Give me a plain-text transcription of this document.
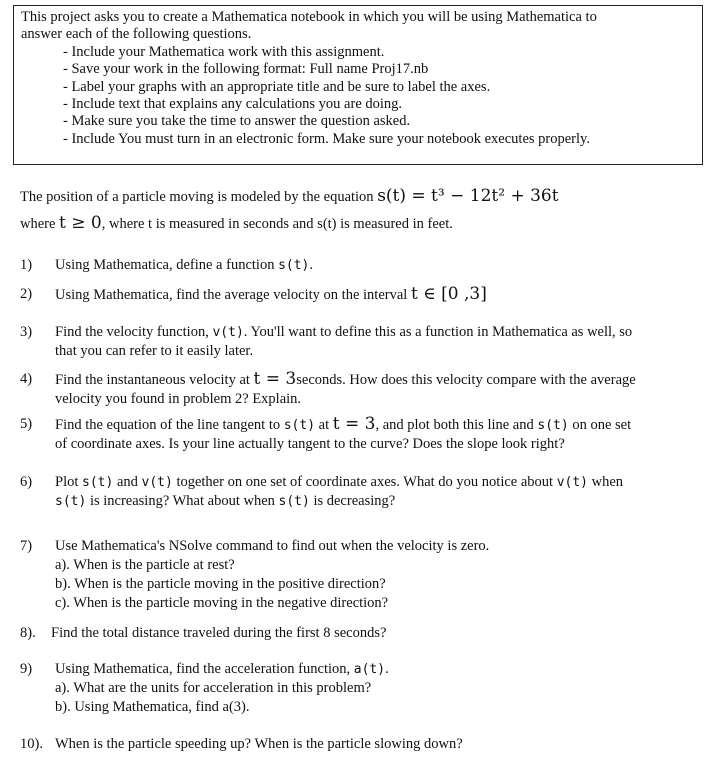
This project asks you to create a Mathematica notebook in which you will be using Mathematica to
answer each of the following questions.
- Include your Mathematica work with this assignment.
- Save your work in the following format: Full name Proj17.nb
- Label your graphs with an appropriate title and be sure to label the axes.
- Include text that explains any calculations you are doing.
- Make sure you take the time to answer the question asked.
- Include You must turn in an electronic form. Make sure your notebook executes properly.
The position of a particle moving is modeled by the equation s(t) = t³ − 12t² + 36t
where t ≥ 0, where t is measured in seconds and s(t) is measured in feet.
1) Using Mathematica, define a function s(t).
2) Using Mathematica, find the average velocity on the interval t ∈ [0 ,3]
3) Find the velocity function, v(t). You'll want to define this as a function in Mathematica as well, so
that you can refer to it easily later.
4) Find the instantaneous velocity at t = 3seconds. How does this velocity compare with the average
velocity you found in problem 2? Explain.
5) Find the equation of the line tangent to s(t) at t = 3, and plot both this line and s(t) on one set
of coordinate axes. Is your line actually tangent to the curve? Does the slope look right?
6) Plot s(t) and v(t) together on one set of coordinate axes. What do you notice about v(t) when
s(t) is increasing? What about when s(t) is decreasing?
7) Use Mathematica's NSolve command to find out when the velocity is zero.
a). When is the particle at rest?
b). When is the particle moving in the positive direction?
c). When is the particle moving in the negative direction?
8). Find the total distance traveled during the first 8 seconds?
9) Using Mathematica, find the acceleration function, a(t).
a). What are the units for acceleration in this problem?
b). Using Mathematica, find a(3).
10). When is the particle speeding up? When is the particle slowing down?
